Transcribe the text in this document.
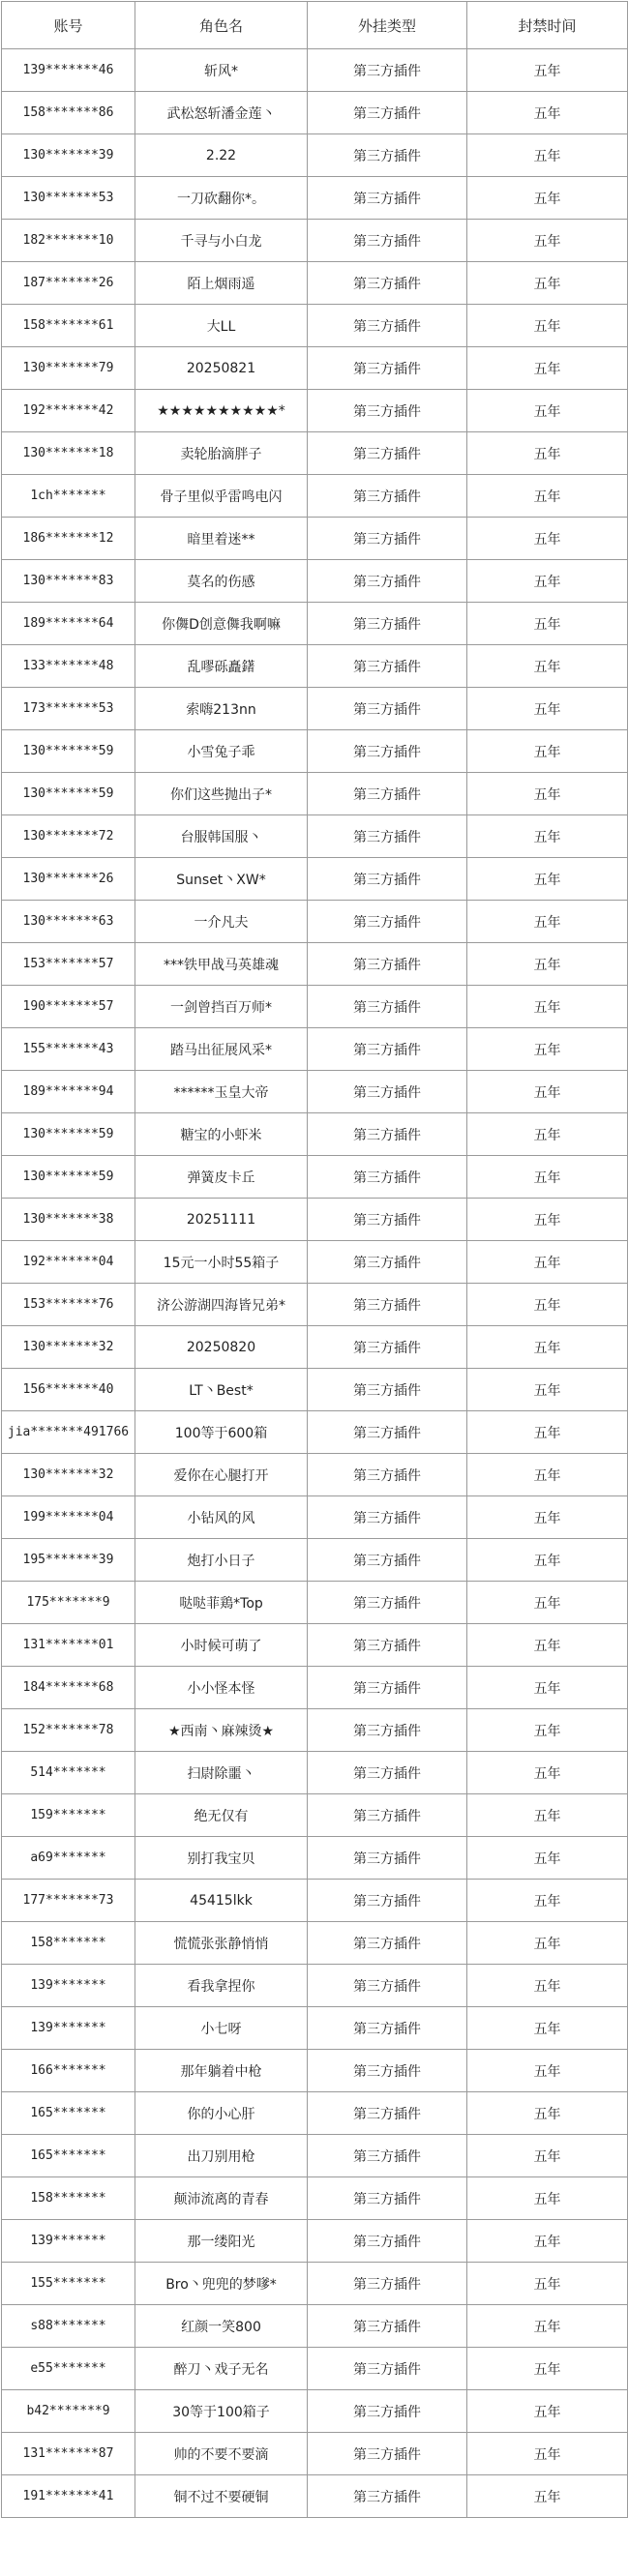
账号	角色名	外挂类型	封禁时间
139*******46	斩风*	第三方插件	五年
158*******86	武松怒斩潘金莲丶	第三方插件	五年
130*******39	2.22	第三方插件	五年
130*******53	一刀砍翻你*。	第三方插件	五年
182*******10	千寻与小白龙	第三方插件	五年
187*******26	陌上烟雨遥	第三方插件	五年
158*******61	大LL	第三方插件	五年
130*******79	20250821	第三方插件	五年
192*******42	★★★★★★★★★★*	第三方插件	五年
130*******18	卖轮胎滴胖子	第三方插件	五年
1ch*******	骨子里似乎雷鸣电闪	第三方插件	五年
186*******12	暗里着迷**	第三方插件	五年
130*******83	莫名的伤感	第三方插件	五年
189*******64	你儛D创意儛我啊嘛	第三方插件	五年
133*******48	乱嘐砾矗鐯	第三方插件	五年
173*******53	索嗨213nn	第三方插件	五年
130*******59	小雪兔子乖	第三方插件	五年
130*******59	你们这些抛出子*	第三方插件	五年
130*******72	台服韩国服丶	第三方插件	五年
130*******26	Sunset丶XW*	第三方插件	五年
130*******63	一介凡夫	第三方插件	五年
153*******57	***铁甲战马英雄魂	第三方插件	五年
190*******57	一剑曾挡百万师*	第三方插件	五年
155*******43	踏马出征展风采*	第三方插件	五年
189*******94	******玉皇大帝	第三方插件	五年
130*******59	糖宝的小虾米	第三方插件	五年
130*******59	弹簧皮卡丘	第三方插件	五年
130*******38	20251111	第三方插件	五年
192*******04	15元一小时55箱子	第三方插件	五年
153*******76	济公游湖四海皆兄弟*	第三方插件	五年
130*******32	20250820	第三方插件	五年
156*******40	LT丶Best*	第三方插件	五年
jia*******491766	100等于600箱	第三方插件	五年
130*******32	爱你在心腿打开	第三方插件	五年
199*******04	小钻风的风	第三方插件	五年
195*******39	炮打小日子	第三方插件	五年
175*******9	哒哒菲鶏*Top	第三方插件	五年
131*******01	小时候可萌了	第三方插件	五年
184*******68	小小怪本怪	第三方插件	五年
152*******78	★西南丶麻辣烫★	第三方插件	五年
514*******	扫尉除噩丶	第三方插件	五年
159*******	绝无仅有	第三方插件	五年
a69*******	别打我宝贝	第三方插件	五年
177*******73	45415lkk	第三方插件	五年
158*******	慌慌张张静悄悄	第三方插件	五年
139*******	看我拿捏你	第三方插件	五年
139*******	小七呀	第三方插件	五年
166*******	那年躺着中枪	第三方插件	五年
165*******	你的小心肝	第三方插件	五年
165*******	出刀别用枪	第三方插件	五年
158*******	颠沛流离的青春	第三方插件	五年
139*******	那一缕阳光	第三方插件	五年
155*******	Bro丶兜兜的梦嗲*	第三方插件	五年
s88*******	红颜一笑800	第三方插件	五年
e55*******	醉刀丶戏子无名	第三方插件	五年
b42*******9	30等于100箱子	第三方插件	五年
131*******87	帅的不要不要滴	第三方插件	五年
191*******41	铜不过不要硬铜	第三方插件	五年
